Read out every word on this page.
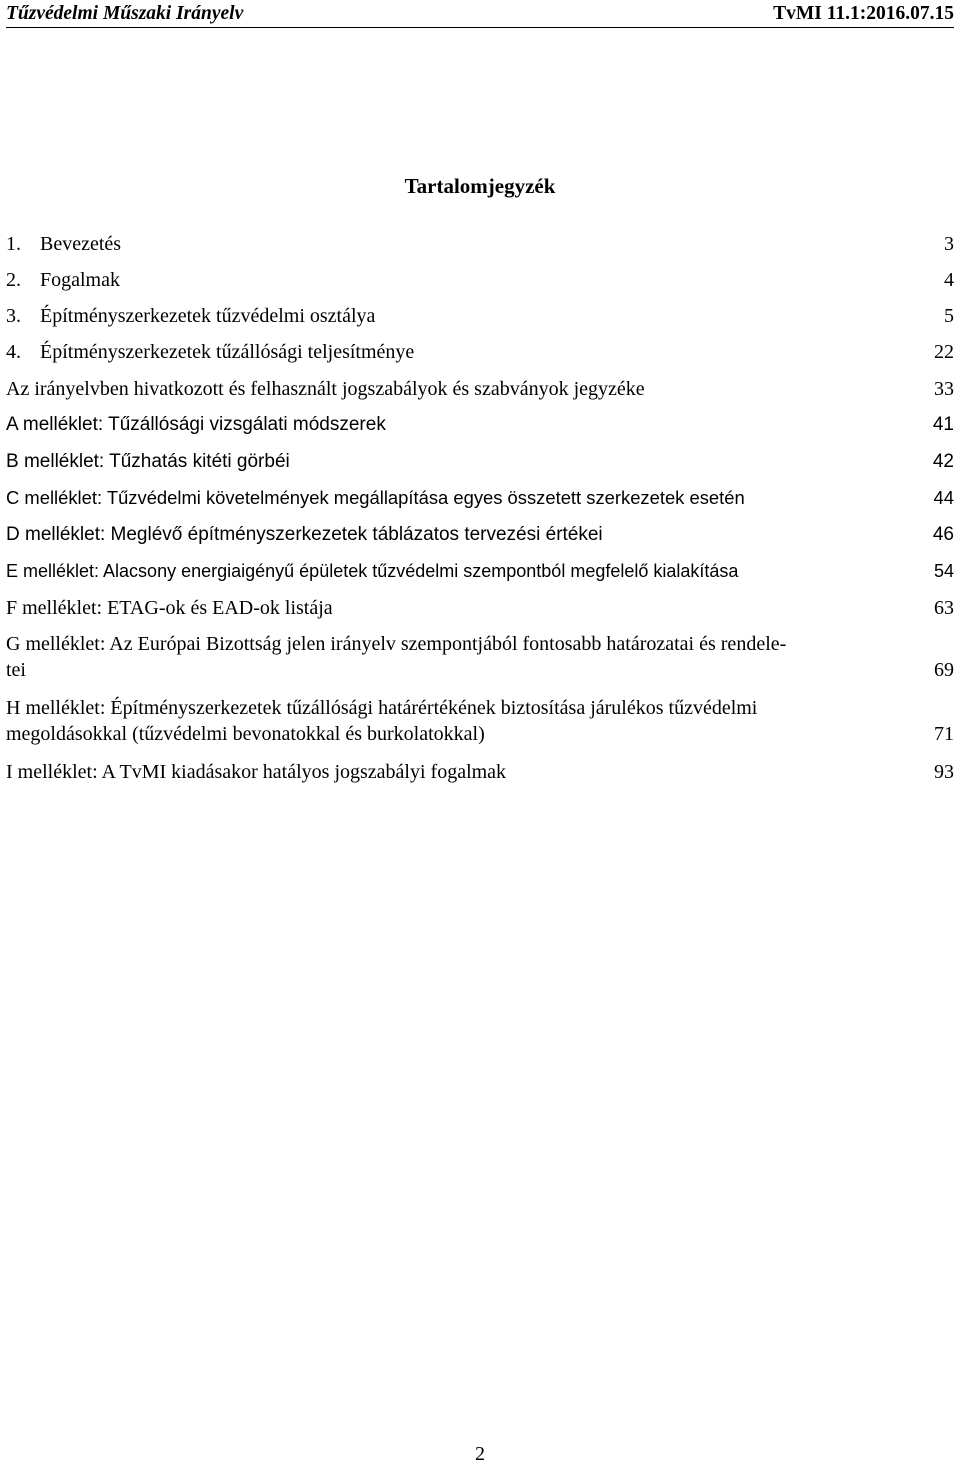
Tűzvédelmi Műszaki Irányelv	TvMI 11.1:2016.07.15
Tartalomjegyzék
1. Bevezetés	3
2. Fogalmak	4
3. Építményszerkezetek tűzvédelmi osztálya	5
4. Építményszerkezetek tűzállósági teljesítménye	22
Az irányelvben hivatkozott és felhasznált jogszabályok és szabványok jegyzéke	33
A melléklet: Tűzállósági vizsgálati módszerek	41
B melléklet: Tűzhatás kitéti görbéi	42
C melléklet: Tűzvédelmi követelmények megállapítása egyes összetett szerkezetek esetén	44
D melléklet: Meglévő építményszerkezetek táblázatos tervezési értékei	46
E melléklet: Alacsony energiaigényű épületek tűzvédelmi szempontból megfelelő kialakítása	54
F melléklet: ETAG-ok és EAD-ok listája	63
G melléklet: Az Európai Bizottság jelen irányelv szempontjából fontosabb határozatai és rendele-
tei	69
H melléklet: Építményszerkezetek tűzállósági határértékének biztosítása járulékos tűzvédelmi
megoldásokkal (tűzvédelmi bevonatokkal és burkolatokkal)	71
I melléklet: A TvMI kiadásakor hatályos jogszabályi fogalmak	93
2
